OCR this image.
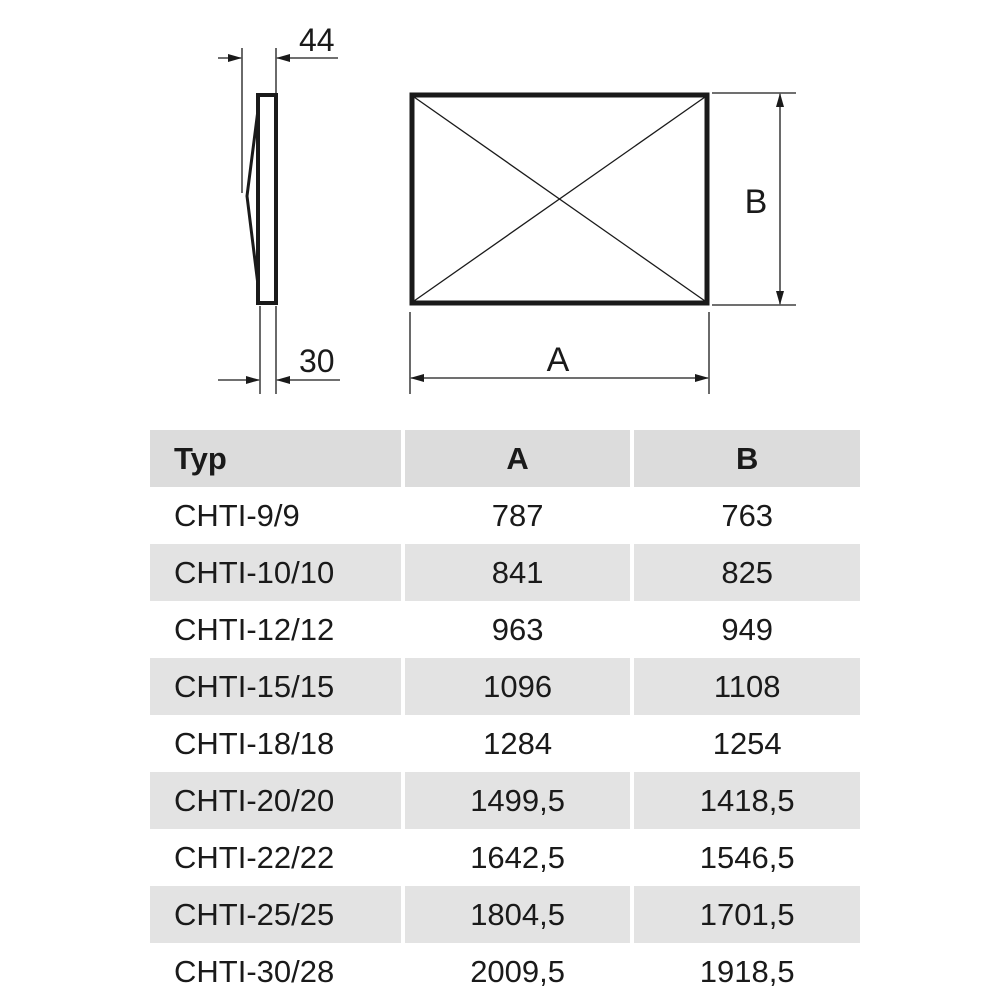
44
30	A
B
Typ	A	B
CHTI-9/9	787	763
CHTI-10/10	841	825
CHTI-12/12	963	949
CHTI-15/15	1096	1108
CHTI-18/18	1284	1254
CHTI-20/20	1499,5	1418,5
CHTI-22/22	1642,5	1546,5
CHTI-25/25	1804,5	1701,5
CHTI-30/28	2009,5	1918,5
